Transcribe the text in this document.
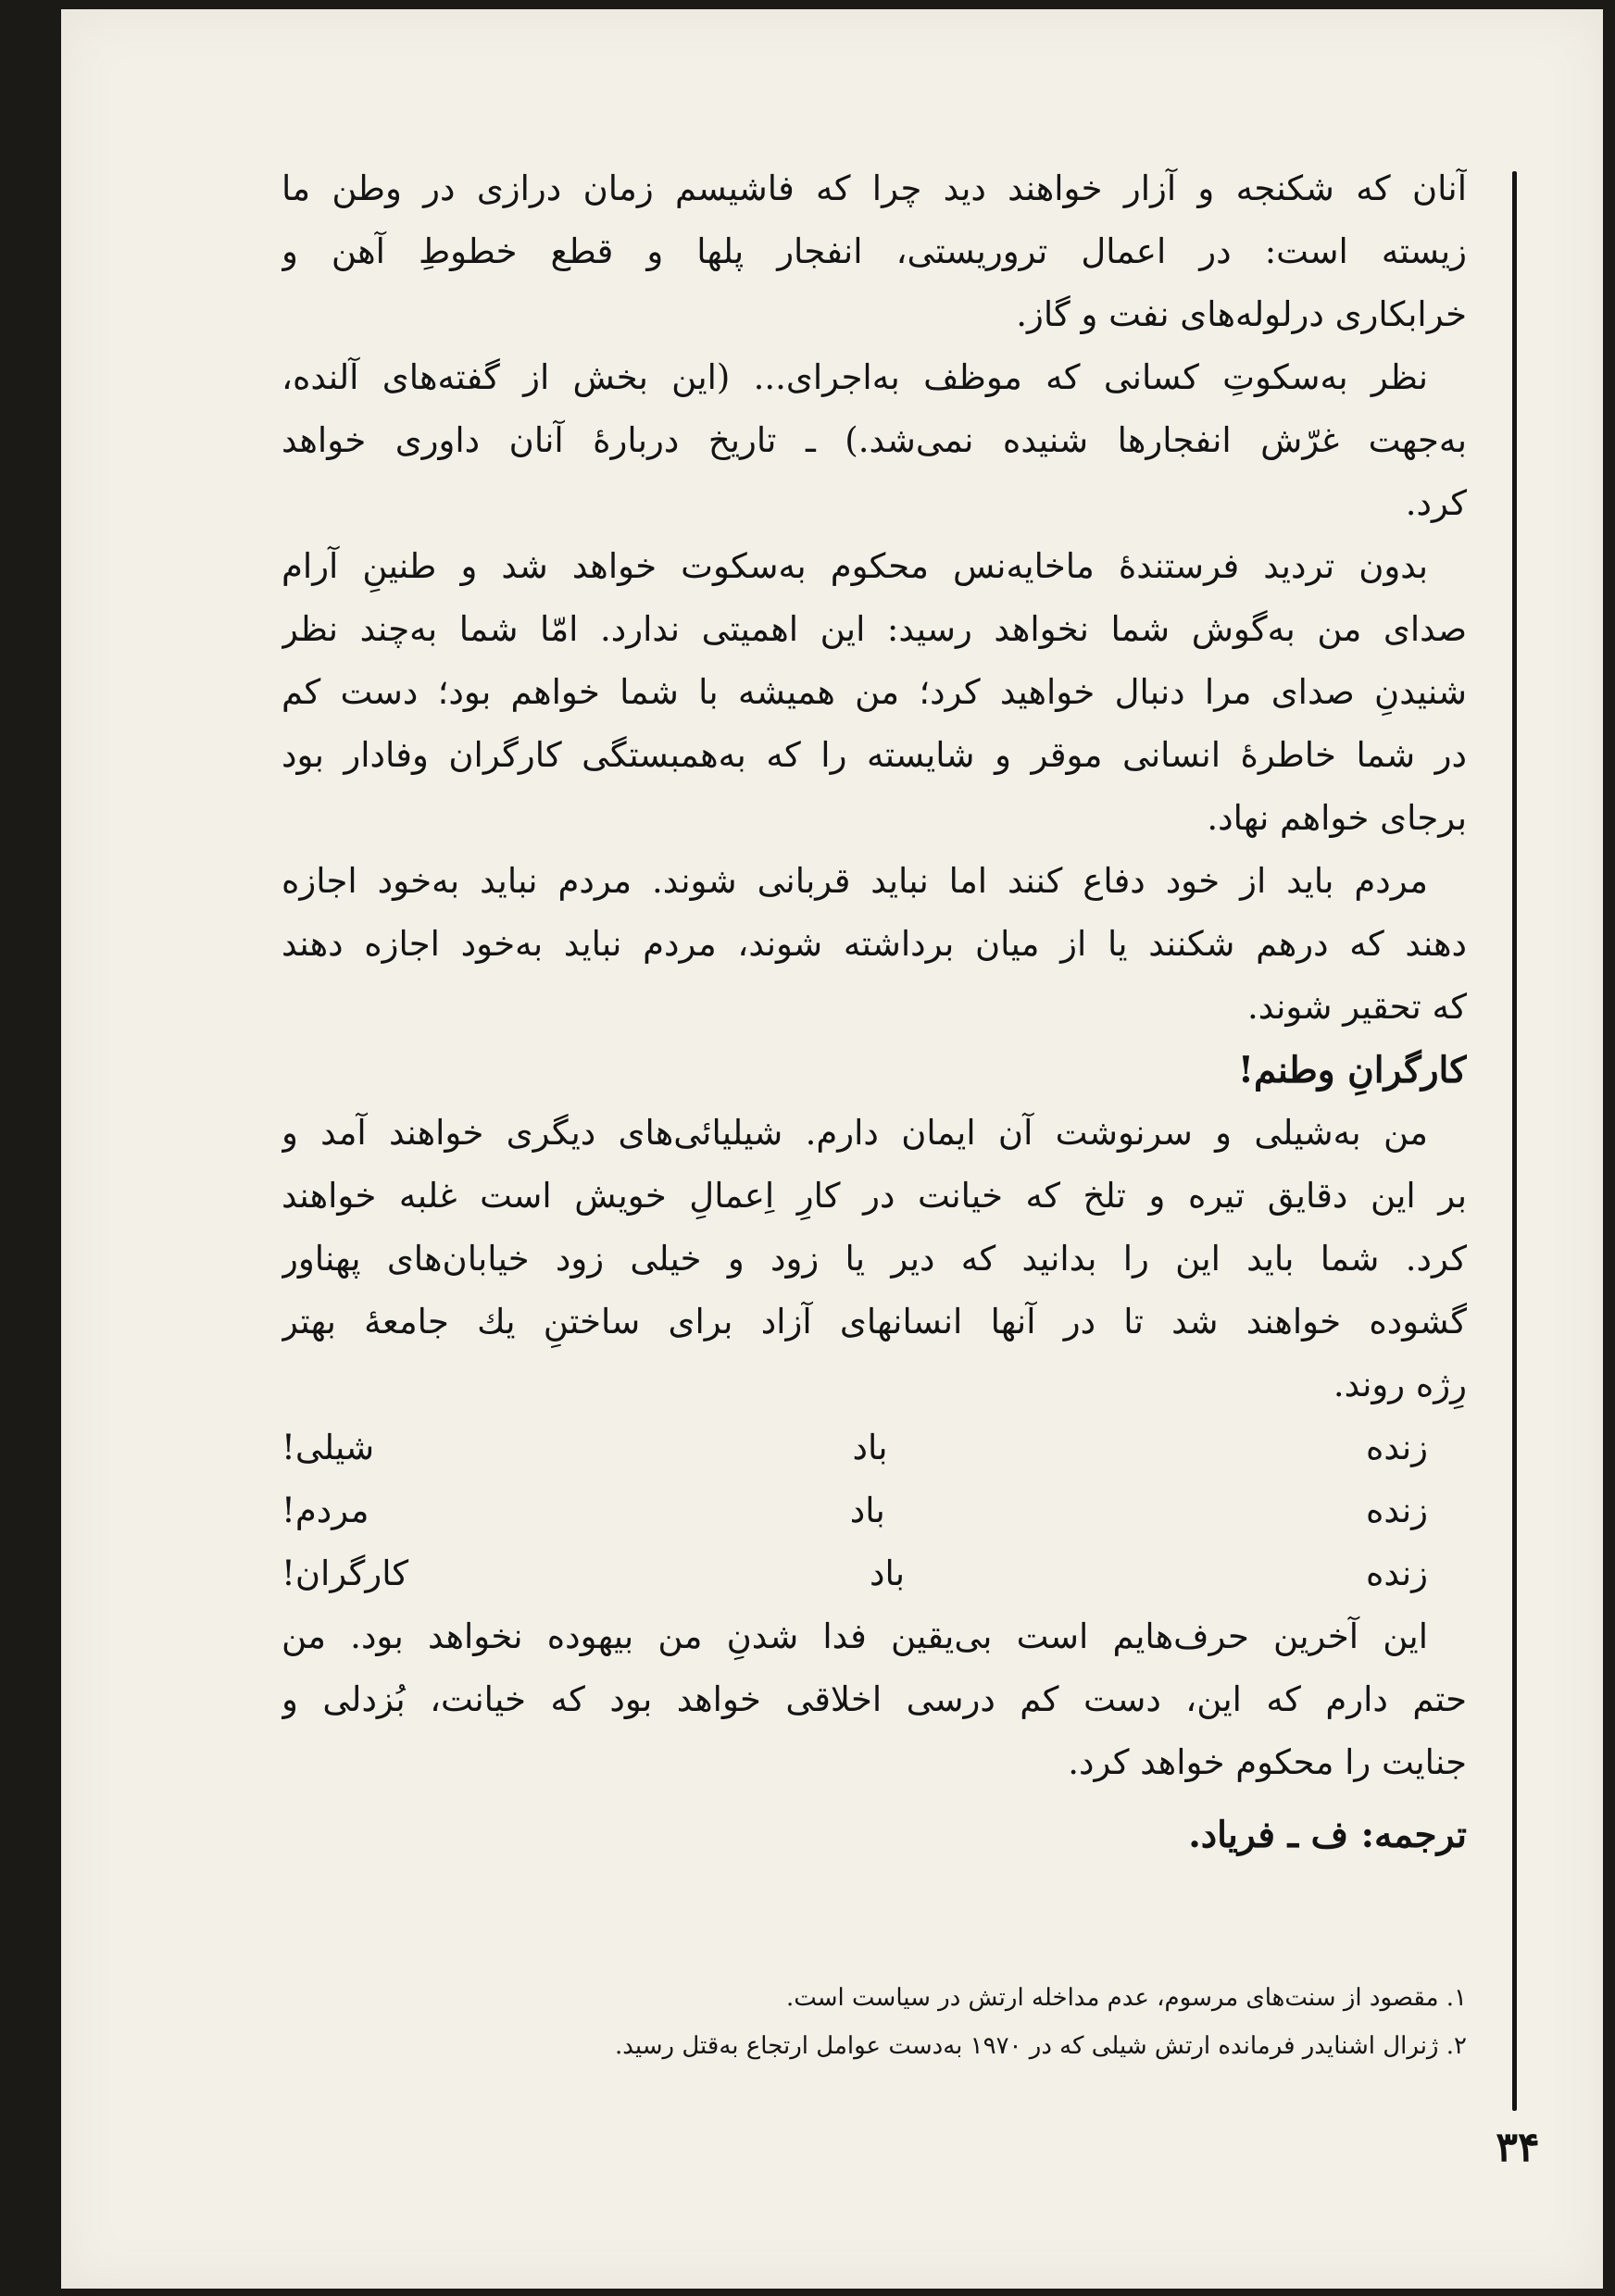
آنان که شکنجه و آزار خواهند دید چرا که فاشیسم زمان درازی در وطن ما
زیسته است: در اعمال تروریستی، انفجار پلها و قطع خطوطِ آهن و
خرابکاری درلوله‌های نفت و گاز.
نظر به‌سکوتِ کسانی که موظف به‌اجرای... (این بخش از گفته‌های آلنده،
به‌جهت غرّش انفجارها شنیده نمی‌شد.) ـ تاریخ دربارهٔ آنان داوری خواهد
کرد.
بدون تردید فرستندهٔ ماخایه‌نس محکوم به‌سکوت خواهد شد و طنینِ آرام
صدای من به‌گوش شما نخواهد رسید: این اهمیتی ندارد. امّا شما به‌چند نظر
شنیدنِ صدای مرا دنبال خواهید کرد؛ من همیشه با شما خواهم بود؛ دست کم
در شما خاطرهٔ انسانی موقر و شایسته را که به‌همبستگی کارگران وفادار بود
برجای خواهم نهاد.
مردم باید از خود دفاع کنند اما نباید قربانی شوند. مردم نباید به‌خود اجازه
دهند که درهم شکنند یا از میان برداشته شوند، مردم نباید به‌خود اجازه دهند
که تحقیر شوند.
کارگرانِ وطنم!
من به‌شیلی و سرنوشت آن ایمان دارم. شیلیائی‌های دیگری خواهند آمد و
بر این دقایق تیره و تلخ که خیانت در کارِ اِعمالِ خویش است غلبه خواهند
کرد. شما باید این را بدانید که دیر یا زود و خیلی زود خیابان‌های پهناور
گشوده خواهند شد تا در آنها انسانهای آزاد برای ساختنِ یك جامعهٔ بهتر
رِژه روند.
زنده باد شیلی!
زنده باد مردم!
زنده باد کارگران!
این آخرین حرف‌هایم است بی‌یقین فدا شدنِ من بیهوده نخواهد بود. من
حتم دارم که این، دست کم درسی اخلاقی خواهد بود که خیانت، بُزدلی و
جنایت را محکوم خواهد کرد.
ترجمه: ف ـ فریاد.
۱. مقصود از سنت‌های مرسوم، عدم مداخله ارتش در سیاست است.
۲. ژنرال اشنایدر فرمانده ارتش شیلی که در ۱۹۷۰ به‌دست عوامل ارتجاع به‌قتل رسید.

۳۴
